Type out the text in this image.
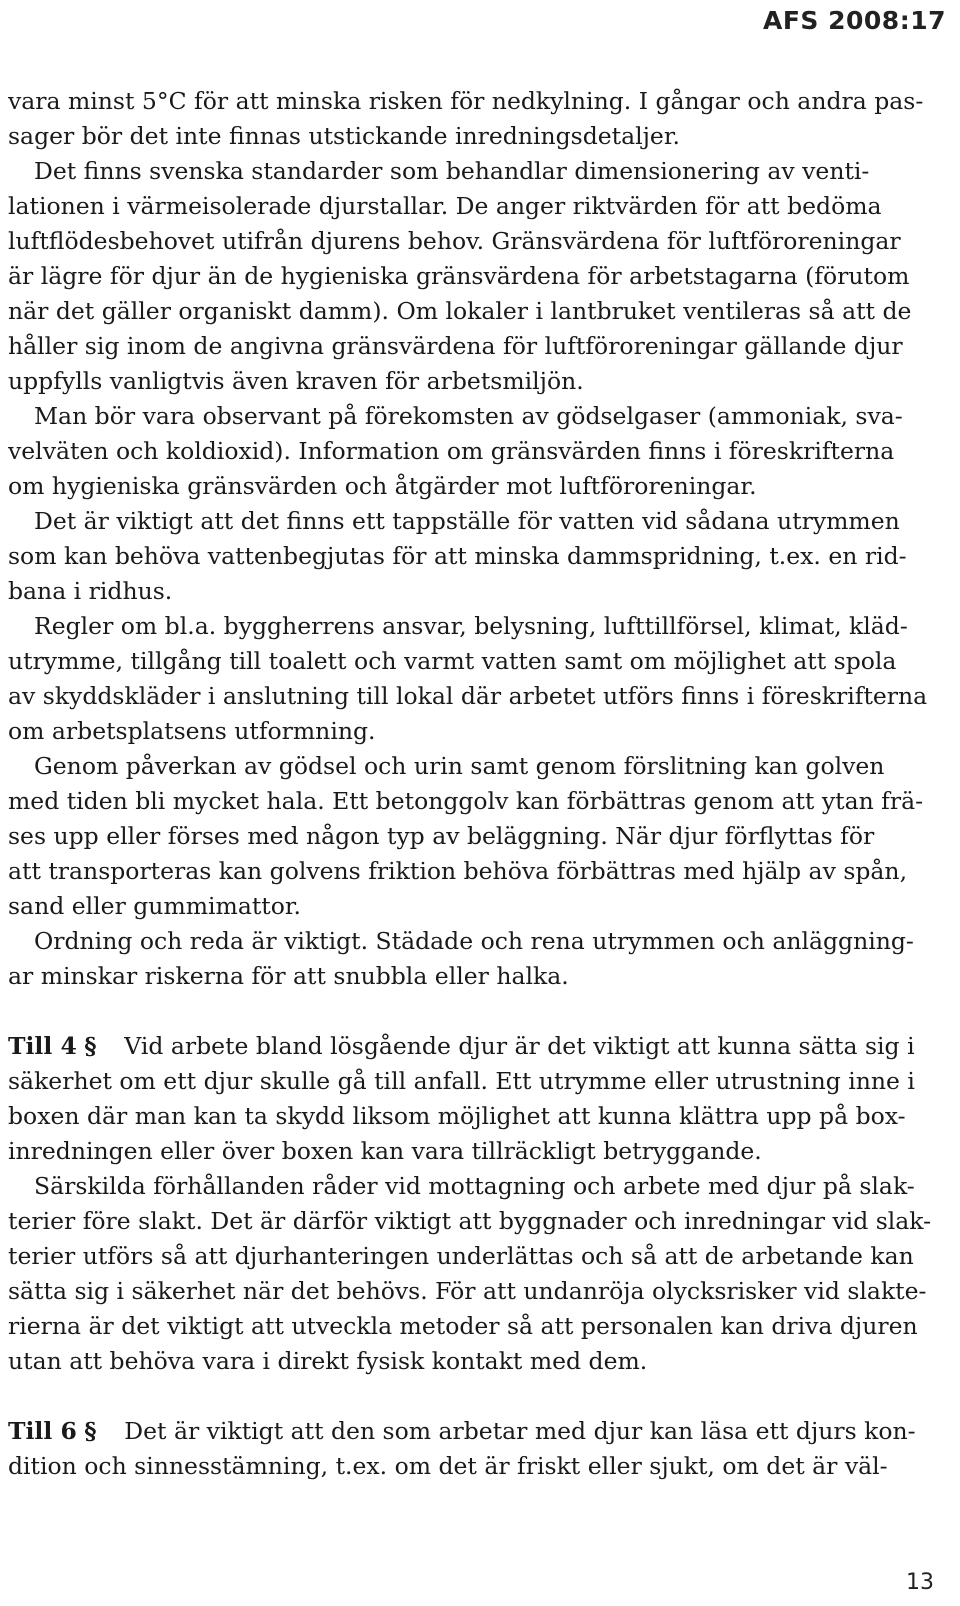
AFS 2008:17
vara minst 5°C för att minska risken för nedkylning. I gångar och andra pas-
sager bör det inte finnas utstickande inredningsdetaljer.
Det finns svenska standarder som behandlar dimensionering av venti-
lationen i värmeisolerade djurstallar. De anger riktvärden för att bedöma
luftflödesbehovet utifrån djurens behov. Gränsvärdena för luftföroreningar
är lägre för djur än de hygieniska gränsvärdena för arbetstagarna (förutom
när det gäller organiskt damm). Om lokaler i lantbruket ventileras så att de
håller sig inom de angivna gränsvärdena för luftföroreningar gällande djur
uppfylls vanligtvis även kraven för arbetsmiljön.
Man bör vara observant på förekomsten av gödselgaser (ammoniak, sva-
velväten och koldioxid). Information om gränsvärden finns i föreskrifterna
om hygieniska gränsvärden och åtgärder mot luftföroreningar.
Det är viktigt att det finns ett tappställe för vatten vid sådana utrymmen
som kan behöva vattenbegjutas för att minska dammspridning, t.ex. en rid-
bana i ridhus.
Regler om bl.a. byggherrens ansvar, belysning, lufttillförsel, klimat, kläd-
utrymme, tillgång till toalett och varmt vatten samt om möjlighet att spola
av skyddskläder i anslutning till lokal där arbetet utförs finns i föreskrifterna
om arbetsplatsens utformning.
Genom påverkan av gödsel och urin samt genom förslitning kan golven
med tiden bli mycket hala. Ett betonggolv kan förbättras genom att ytan frä-
ses upp eller förses med någon typ av beläggning. När djur förflyttas för
att transporteras kan golvens friktion behöva förbättras med hjälp av spån,
sand eller gummimattor.
Ordning och reda är viktigt. Städade och rena utrymmen och anläggning-
ar minskar riskerna för att snubbla eller halka.
Till 4 § Vid arbete bland lösgående djur är det viktigt att kunna sätta sig i
säkerhet om ett djur skulle gå till anfall. Ett utrymme eller utrustning inne i
boxen där man kan ta skydd liksom möjlighet att kunna klättra upp på box-
inredningen eller över boxen kan vara tillräckligt betryggande.
Särskilda förhållanden råder vid mottagning och arbete med djur på slak-
terier före slakt. Det är därför viktigt att byggnader och inredningar vid slak-
terier utförs så att djurhanteringen underlättas och så att de arbetande kan
sätta sig i säkerhet när det behövs. För att undanröja olycksrisker vid slakte-
rierna är det viktigt att utveckla metoder så att personalen kan driva djuren
utan att behöva vara i direkt fysisk kontakt med dem.
Till 6 § Det är viktigt att den som arbetar med djur kan läsa ett djurs kon-
dition och sinnesstämning, t.ex. om det är friskt eller sjukt, om det är väl-
13
